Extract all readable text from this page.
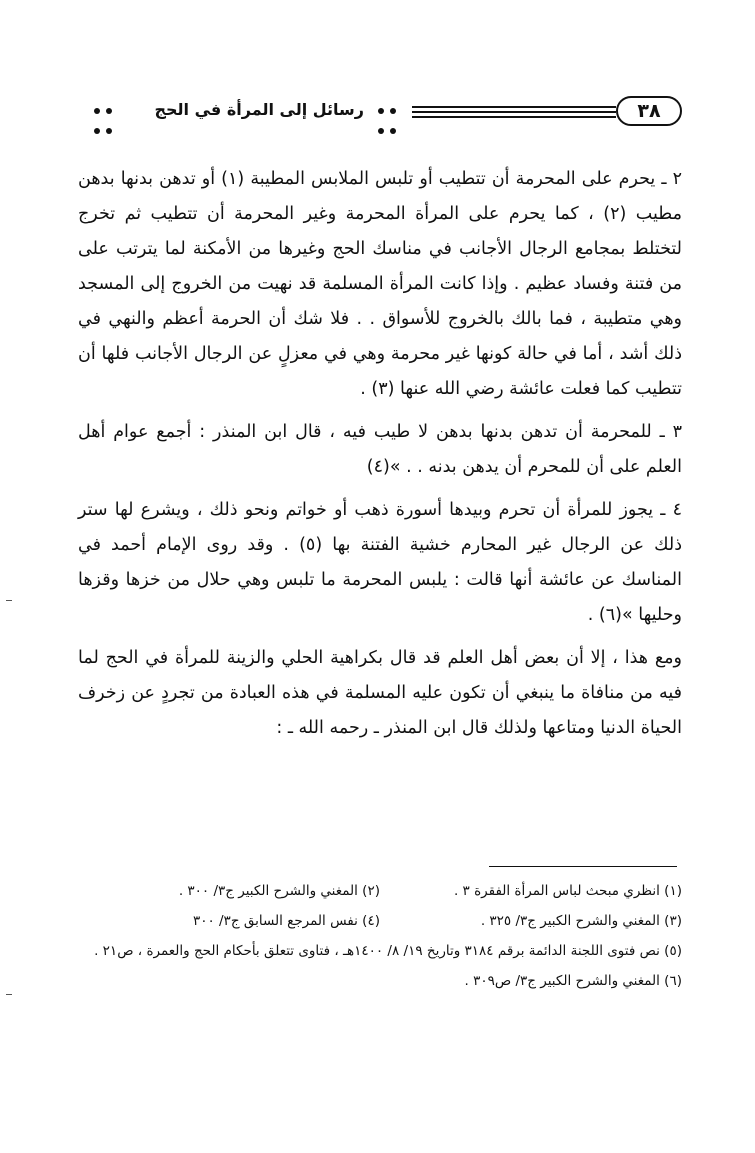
٣٨
رسائل إلى المرأة في الحج

٢ ـ يحرم على المحرمة أن تتطيب أو تلبس الملابس المطيبة (١) أو تدهن بدنها بدهن مطيب (٢) ، كما يحرم على المرأة المحرمة وغير المحرمة أن تتطيب ثم تخرج لتختلط بمجامع الرجال الأجانب في مناسك الحج وغيرها من الأمكنة لما يترتب على من فتنة وفساد عظيم . وإذا كانت المرأة المسلمة قد نهيت من الخروج إلى المسجد وهي متطيبة ، فما بالك بالخروج للأسواق . . فلا شك أن الحرمة أعظم والنهي في ذلك أشد ، أما في حالة كونها غير محرمة وهي في معزلٍ عن الرجال الأجانب فلها أن تتطيب كما فعلت عائشة رضي الله عنها (٣) .

٣ ـ للمحرمة أن تدهن بدنها بدهن لا طيب فيه ، قال ابن المنذر : أجمع عوام أهل العلم على أن للمحرم أن يدهن بدنه . . »(٤)

٤ ـ يجوز للمرأة أن تحرم وبيدها أسورة ذهب أو خواتم ونحو ذلك ، ويشرع لها ستر ذلك عن الرجال غير المحارم خشية الفتنة بها (٥) . وقد روى الإمام أحمد في المناسك عن عائشة أنها قالت : يلبس المحرمة ما تلبس وهي حلال من خزها وقزها وحليها »(٦) .

ومع هذا ، إلا أن بعض أهل العلم قد قال بكراهية الحلي والزينة للمرأة في الحج لما فيه من منافاة ما ينبغي أن تكون عليه المسلمة في هذه العبادة من تجردٍ عن زخرف الحياة الدنيا ومتاعها ولذلك قال ابن المنذر ـ رحمه الله ـ :

(١) انظري مبحث لباس المرأة الفقرة ٣ .
(٢) المغني والشرح الكبير ج٣/ ٣٠٠ .
(٣) المغني والشرح الكبير ج٣/ ٣٢٥ .
(٤) نفس المرجع السابق ج٣/ ٣٠٠
(٥) نص فتوى اللجنة الدائمة برقم ٣١٨٤ وتاريخ ١٩/ ٨/ ١٤٠٠هـ ، فتاوى تتعلق بأحكام الحج والعمرة ، ص٢١ .
(٦) المغني والشرح الكبير ج٣/ ص٣٠٩ .
